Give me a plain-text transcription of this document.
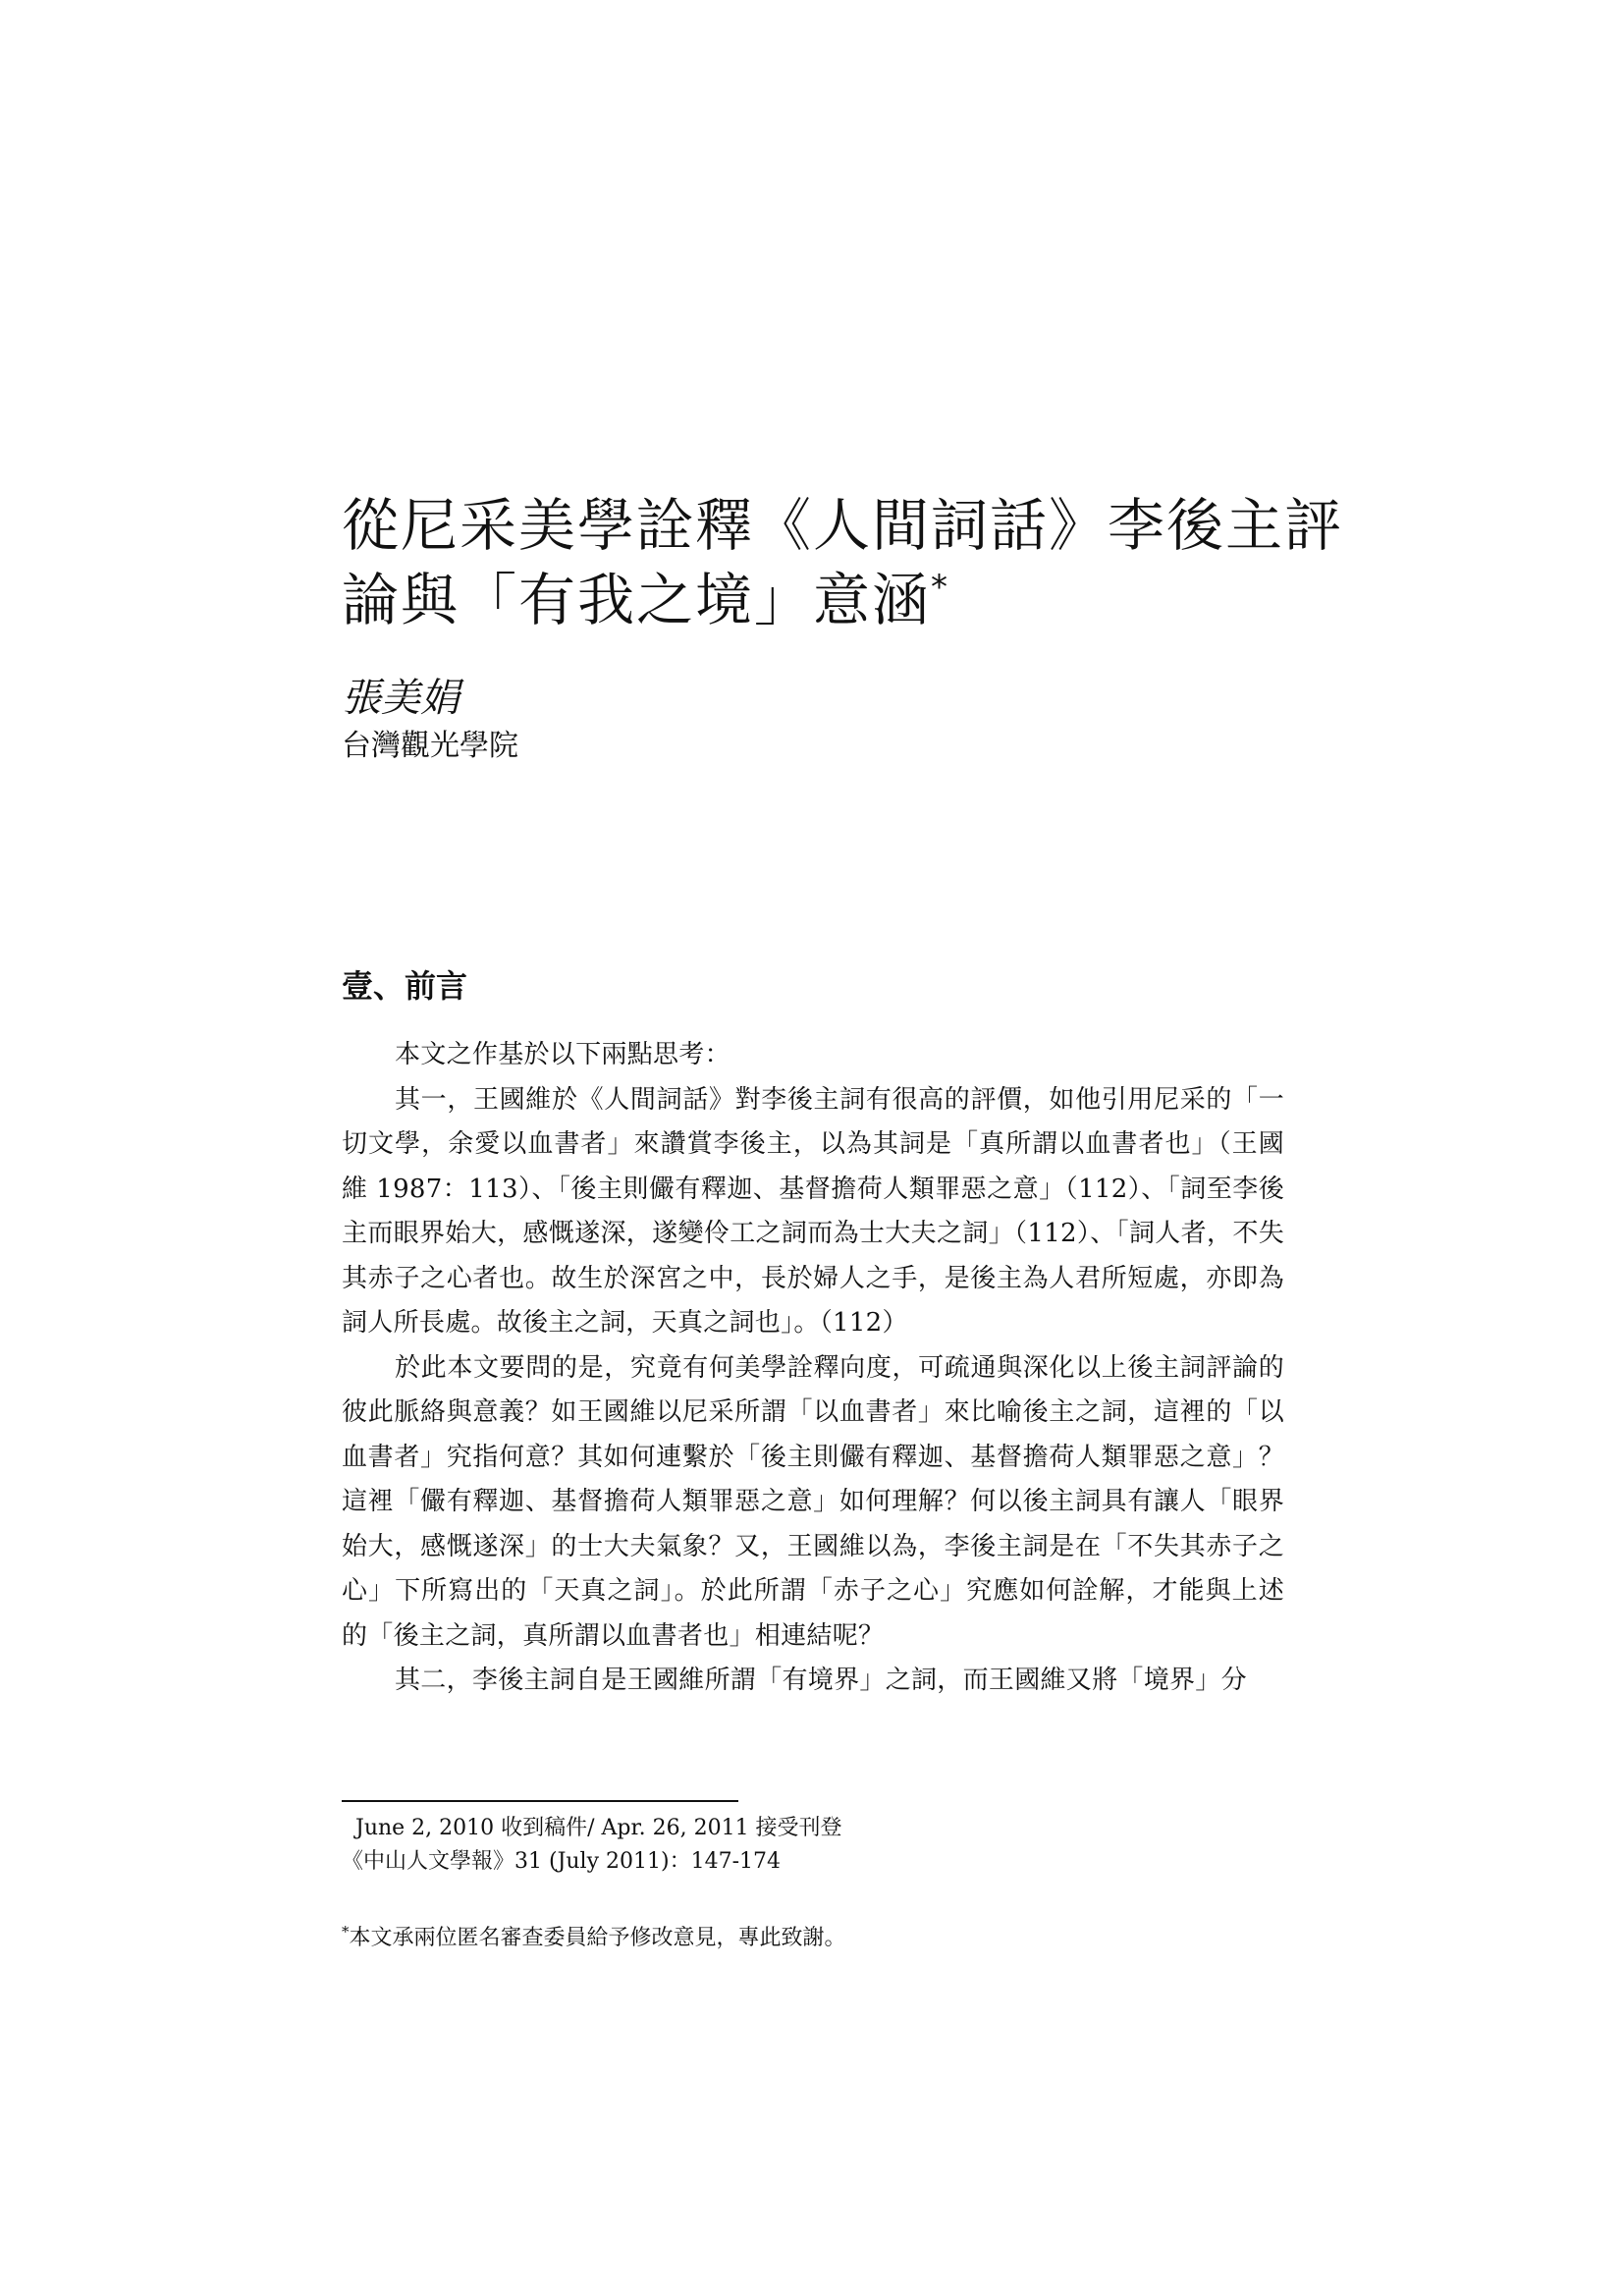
從尼采美學詮釋《人間詞話》李後主評
論與「有我之境」意涵*

張美娟

台灣觀光學院

壹、前言

本文之作基於以下兩點思考：

其一，王國維於《人間詞話》對李後主詞有很高的評價，如他引用尼采的「一切文學，余愛以血書者」來讚賞李後主，以為其詞是「真所謂以血書者也」（王國維 1987：113）、「後主則儼有釋迦、基督擔荷人類罪惡之意」（112）、「詞至李後主而眼界始大，感慨遂深，遂變伶工之詞而為士大夫之詞」（112）、「詞人者，不失其赤子之心者也。故生於深宮之中，長於婦人之手，是後主為人君所短處，亦即為詞人所長處。故後主之詞，天真之詞也」。（112）

於此本文要問的是，究竟有何美學詮釋向度，可疏通與深化以上後主詞評論的彼此脈絡與意義？如王國維以尼采所謂「以血書者」來比喻後主之詞，這裡的「以血書者」究指何意？其如何連繫於「後主則儼有釋迦、基督擔荷人類罪惡之意」？這裡「儼有釋迦、基督擔荷人類罪惡之意」如何理解？何以後主詞具有讓人「眼界始大，感慨遂深」的士大夫氣象？又，王國維以為，李後主詞是在「不失其赤子之心」下所寫出的「天真之詞」。於此所謂「赤子之心」究應如何詮解，才能與上述的「後主之詞，真所謂以血書者也」相連結呢？

其二，李後主詞自是王國維所謂「有境界」之詞，而王國維又將「境界」分

June 2, 2010 收到稿件/ Apr. 26, 2011 接受刊登
《中山人文學報》31 (July 2011)：147-174
*本文承兩位匿名審查委員給予修改意見，專此致謝。
